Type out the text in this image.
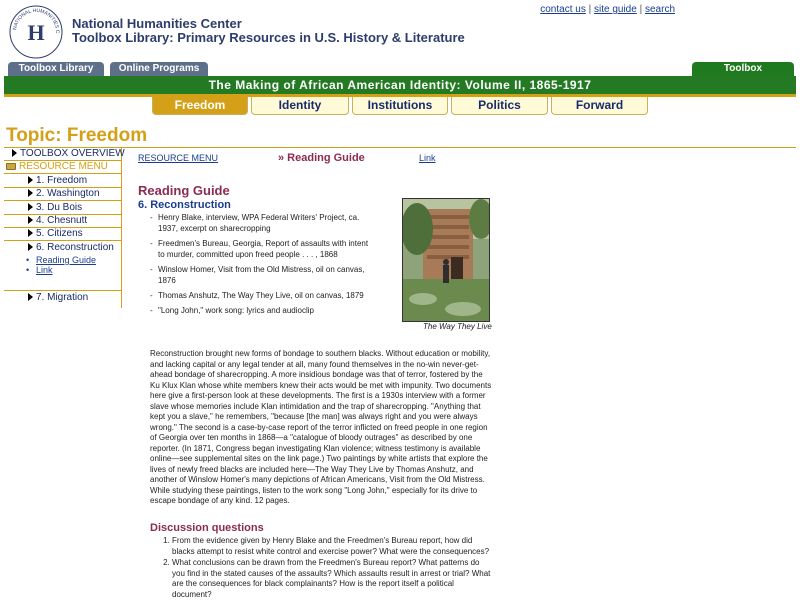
H
NATIONAL HUMANITIES C
National Humanities Center
Toolbox Library: Primary Resources in U.S. History & Literature
contact us | site guide | search
Toolbox Library	Online Programs	Toolbox
The Making of African American Identity: Volume II, 1865-1917
Freedom	Identity	Institutions	Politics	Forward
Topic: Freedom
TOOLBOX OVERVIEW
RESOURCE MENU
1. Freedom
2. Washington
3. Du Bois
4. Chesnutt
5. Citizens
6. Reconstruction
• Reading Guide
• Link
7. Migration
RESOURCE MENU	» Reading Guide	Link
Reading Guide
6. Reconstruction
- Henry Blake, interview, WPA Federal Writers' Project, ca. 1937, excerpt on sharecropping
- Freedmen's Bureau, Georgia, Report of assaults with intent to murder, committed upon freed people . . . , 1868
- Winslow Homer, Visit from the Old Mistress, oil on canvas, 1876
- Thomas Anshutz, The Way They Live, oil on canvas, 1879
- "Long John," work song: lyrics and audioclip
The Way They Live
Reconstruction brought new forms of bondage to southern blacks. Without education or mobility, and lacking capital or any legal tender at all, many found themselves in the no-win never-get-ahead bondage of sharecropping. A more insidious bondage was that of terror, fostered by the Ku Klux Klan whose white members knew their acts would be met with impunity. Two documents here give a first-person look at these developments. The first is a 1930s interview with a former slave whose memories include Klan intimidation and the trap of sharecropping. "Anything that kept you a slave," he remembers, "because [the man] was always right and you were always wrong." The second is a case-by-case report of the terror inflicted on freed people in one region of Georgia over ten months in 1868—a "catalogue of bloody outrages" as described by one reporter. (In 1871, Congress began investigating Klan violence; witness testimony is available online—see supplemental sites on the link page.) Two paintings by white artists that explore the lives of newly freed blacks are included here—The Way They Live by Thomas Anshutz, and another of Winslow Homer's many depictions of African Americans, Visit from the Old Mistress. While studying these paintings, listen to the work song "Long John," especially for its drive to escape bondage of any kind. 12 pages.
Discussion questions
1. From the evidence given by Henry Blake and the Freedmen's Bureau report, how did blacks attempt to resist white control and exercise power? What were the consequences?
2. What conclusions can be drawn from the Freedmen's Bureau report? What patterns do you find in the stated causes of the assaults? Which assaults result in arrest or trial? What are the consequences for black complainants? How is the report itself a political document?
